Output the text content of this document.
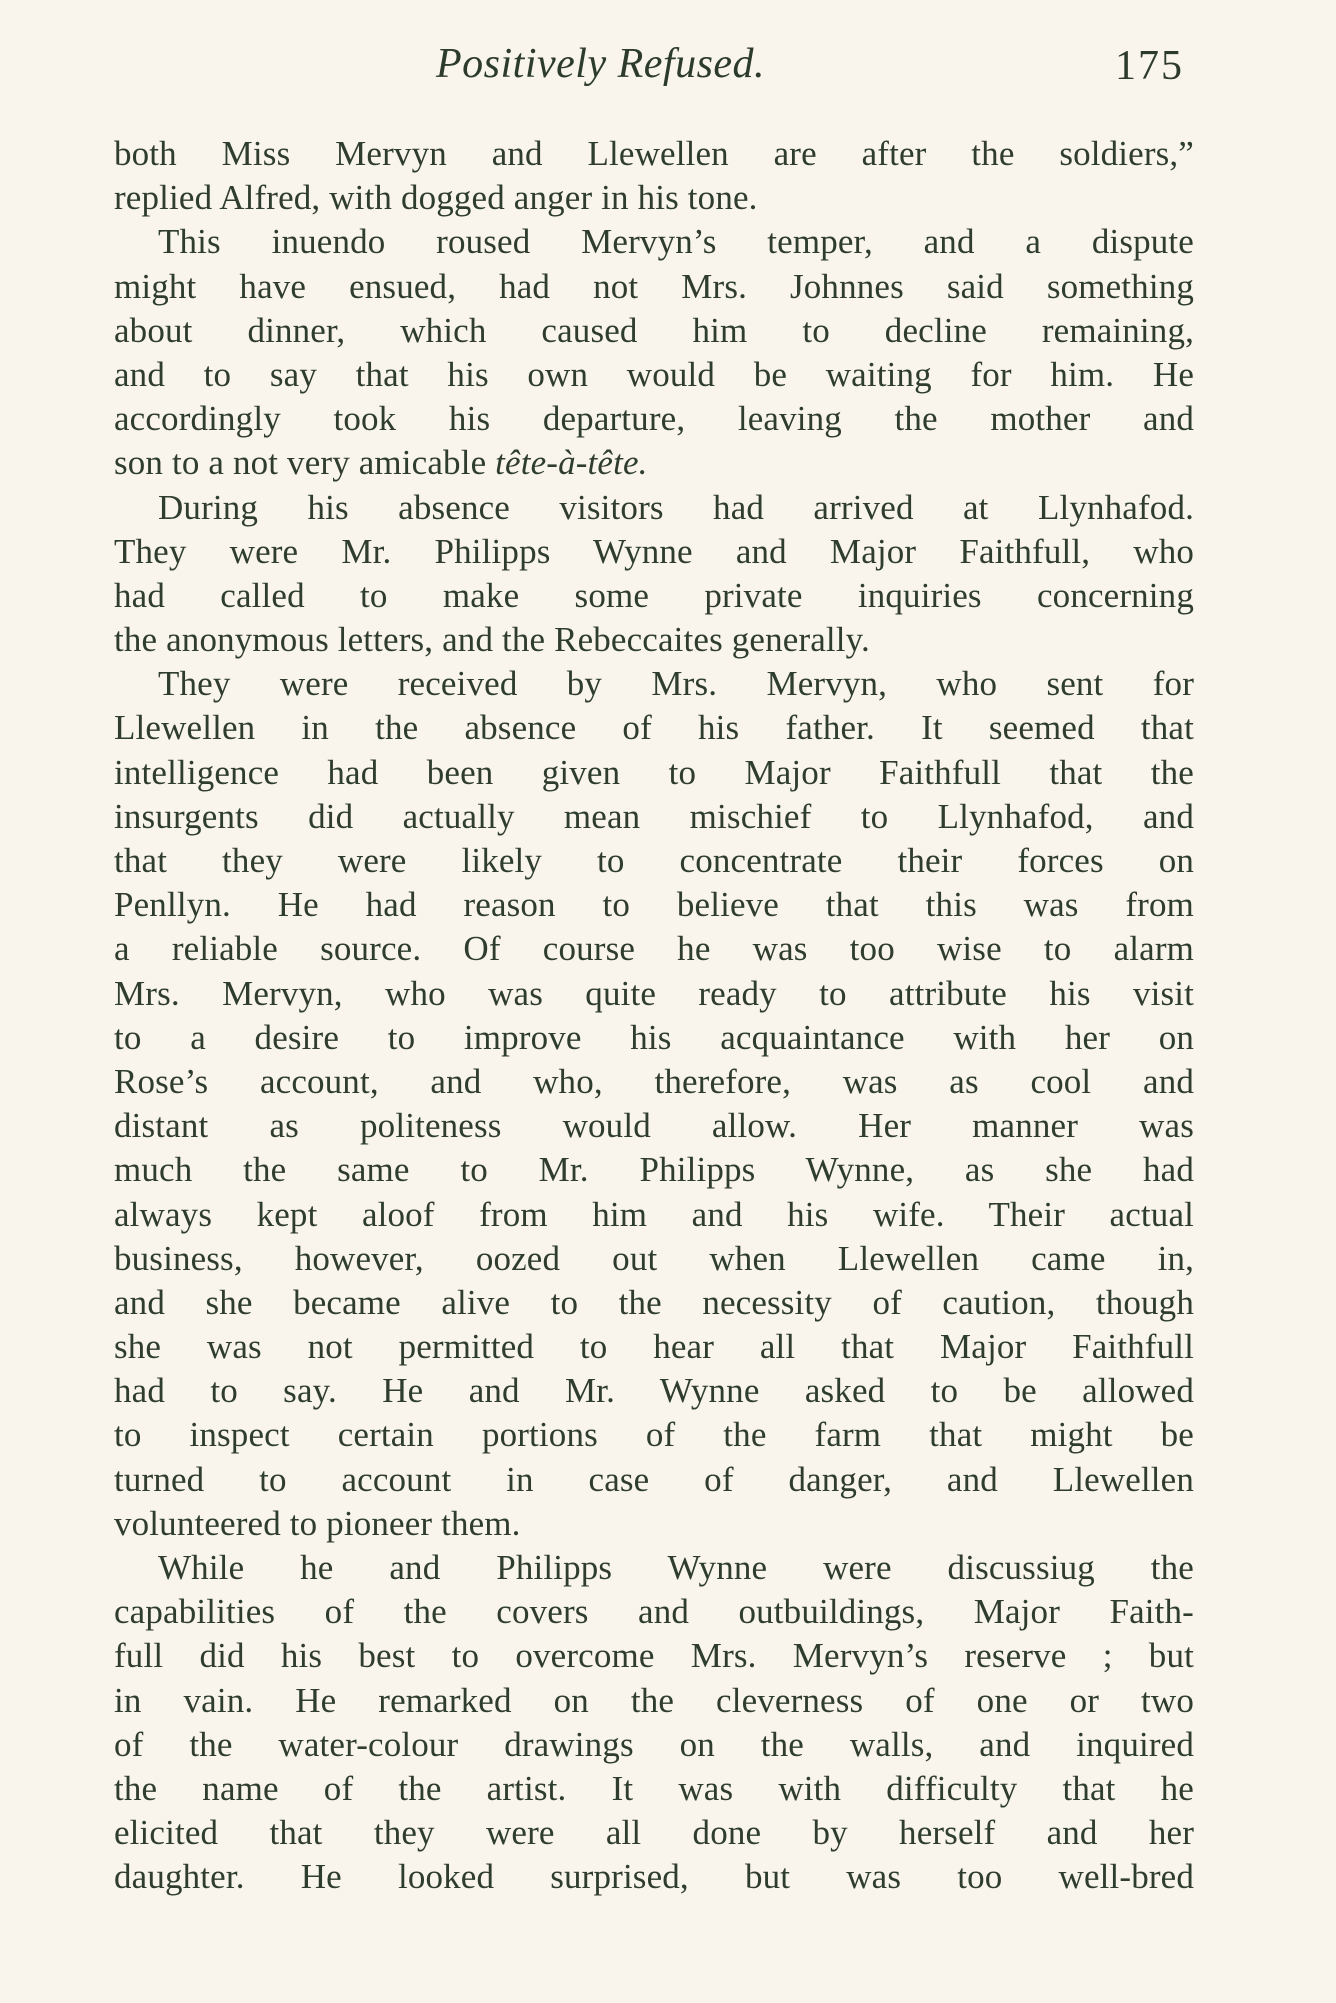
Positively Refused.	175
both Miss Mervyn and Llewellen are after the soldiers,”
replied Alfred, with dogged anger in his tone.
This inuendo roused Mervyn’s temper, and a dispute
might have ensued, had not Mrs. Johnnes said something
about dinner, which caused him to decline remaining,
and to say that his own would be waiting for him. He
accordingly took his departure, leaving the mother and
son to a not very amicable tête-à-tête.
During his absence visitors had arrived at Llynhafod.
They were Mr. Philipps Wynne and Major Faithfull, who
had called to make some private inquiries concerning
the anonymous letters, and the Rebeccaites generally.
They were received by Mrs. Mervyn, who sent for
Llewellen in the absence of his father. It seemed that
intelligence had been given to Major Faithfull that the
insurgents did actually mean mischief to Llynhafod, and
that they were likely to concentrate their forces on
Penllyn. He had reason to believe that this was from
a reliable source. Of course he was too wise to alarm
Mrs. Mervyn, who was quite ready to attribute his visit
to a desire to improve his acquaintance with her on
Rose’s account, and who, therefore, was as cool and
distant as politeness would allow. Her manner was
much the same to Mr. Philipps Wynne, as she had
always kept aloof from him and his wife. Their actual
business, however, oozed out when Llewellen came in,
and she became alive to the necessity of caution, though
she was not permitted to hear all that Major Faithfull
had to say. He and Mr. Wynne asked to be allowed
to inspect certain portions of the farm that might be
turned to account in case of danger, and Llewellen
volunteered to pioneer them.
While he and Philipps Wynne were discussiug the
capabilities of the covers and outbuildings, Major Faith-
full did his best to overcome Mrs. Mervyn’s reserve ; but
in vain. He remarked on the cleverness of one or two
of the water-colour drawings on the walls, and inquired
the name of the artist. It was with difficulty that he
elicited that they were all done by herself and her
daughter. He looked surprised, but was too well-bred
